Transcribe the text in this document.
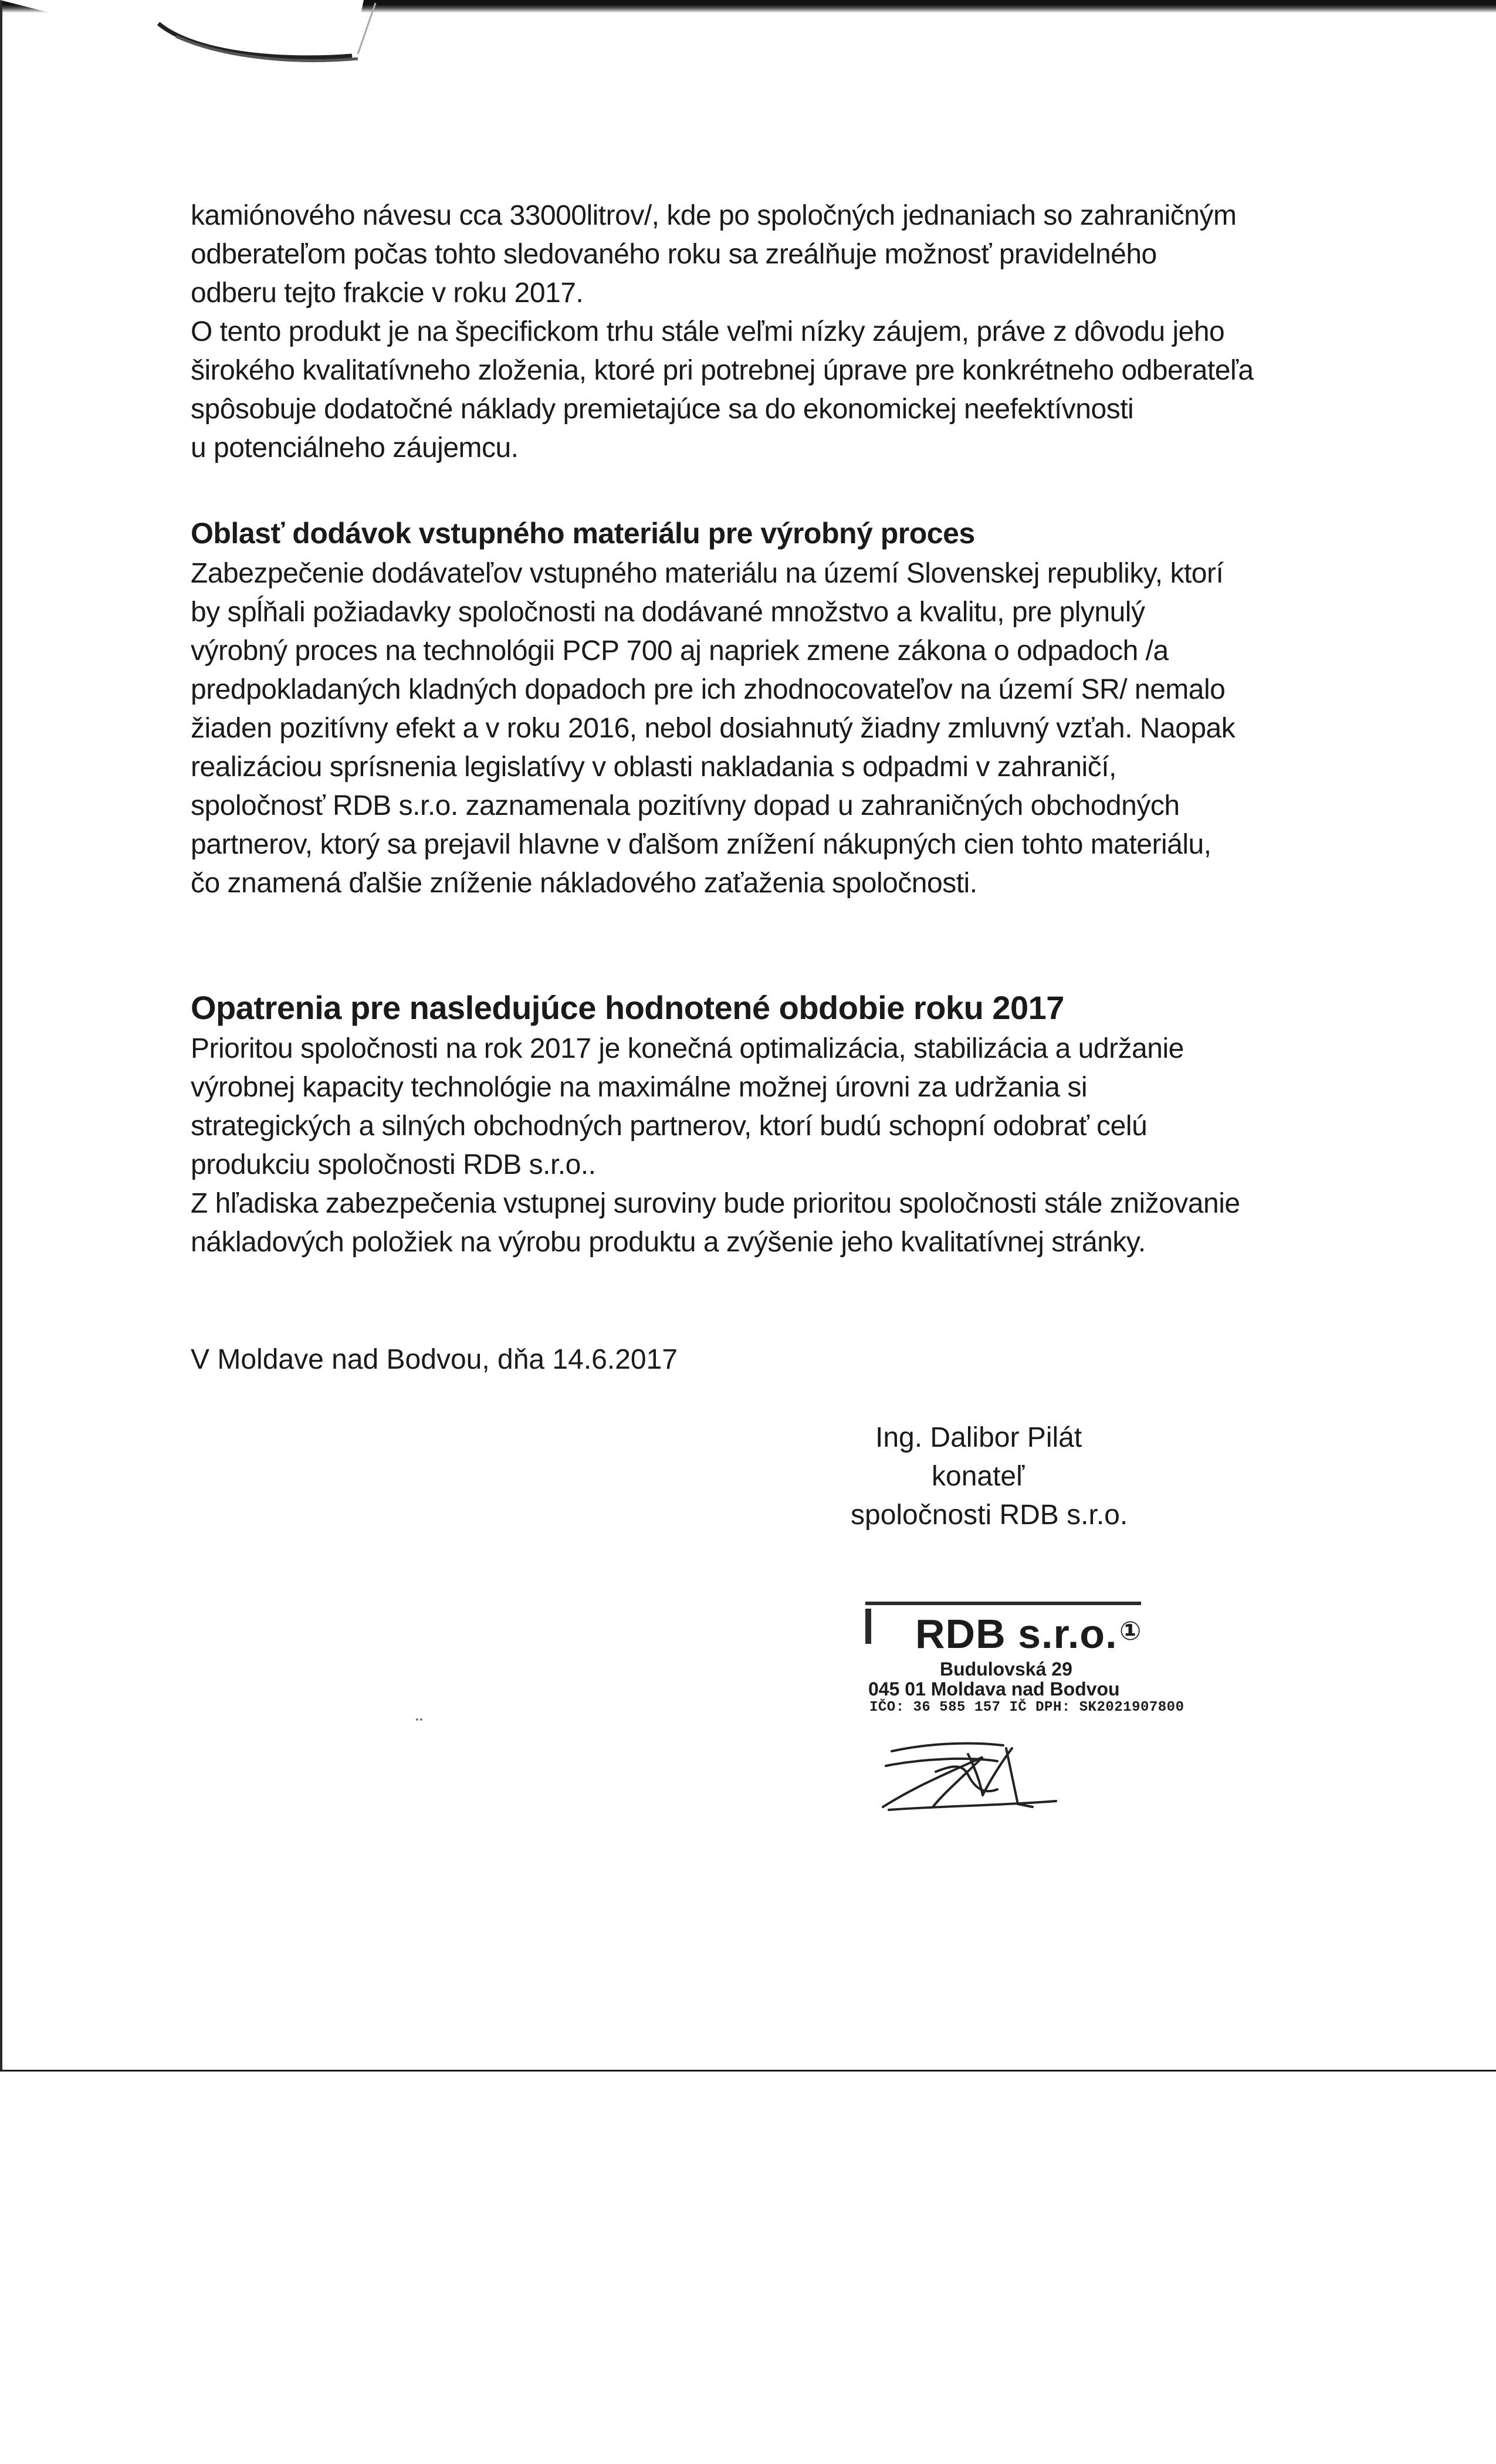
kamiónového návesu cca 33000litrov/, kde po spoločných jednaniach so zahraničným

odberateľom počas tohto sledovaného roku sa zreálňuje možnosť pravidelného

odberu tejto frakcie v roku 2017.

O tento produkt je na špecifickom trhu stále veľmi nízky záujem, práve z dôvodu jeho

širokého kvalitatívneho zloženia, ktoré pri potrebnej úprave pre konkrétneho odberateľa

spôsobuje dodatočné náklady premietajúce sa do ekonomickej neefektívnosti

u potenciálneho záujemcu.

Oblasť dodávok vstupného materiálu pre výrobný proces

Zabezpečenie dodávateľov vstupného materiálu na území Slovenskej republiky, ktorí

by spĺňali požiadavky spoločnosti na dodávané množstvo a kvalitu, pre plynulý

výrobný proces na technológii PCP 700 aj napriek zmene zákona o odpadoch /a

predpokladaných kladných dopadoch pre ich zhodnocovateľov na území SR/ nemalo

žiaden pozitívny efekt a v roku 2016, nebol dosiahnutý žiadny zmluvný vzťah. Naopak

realizáciou sprísnenia legislatívy v oblasti nakladania s odpadmi v zahraničí,

spoločnosť RDB s.r.o. zaznamenala pozitívny dopad u zahraničných obchodných

partnerov, ktorý sa prejavil hlavne v ďalšom znížení nákupných cien tohto materiálu,

čo znamená ďalšie zníženie nákladového zaťaženia spoločnosti.

Opatrenia pre nasledujúce hodnotené obdobie roku 2017

Prioritou spoločnosti na rok 2017 je konečná optimalizácia, stabilizácia a udržanie

výrobnej kapacity technológie na maximálne možnej úrovni za udržania si

strategických a silných obchodných partnerov, ktorí budú schopní odobrať celú

produkciu spoločnosti RDB s.r.o..

Z hľadiska zabezpečenia vstupnej suroviny bude prioritou spoločnosti stále znižovanie

nákladových položiek na výrobu produktu a zvýšenie jeho kvalitatívnej stránky.

V Moldave nad Bodvou, dňa 14.6.2017
Ing. Dalibor Pilát
konateľ
spoločnosti RDB s.r.o.
RDB s.r.o. ①
Budulovská 29
045 01 Moldava nad Bodvou
IČO: 36 585 157 IČ DPH: SK2021907800
